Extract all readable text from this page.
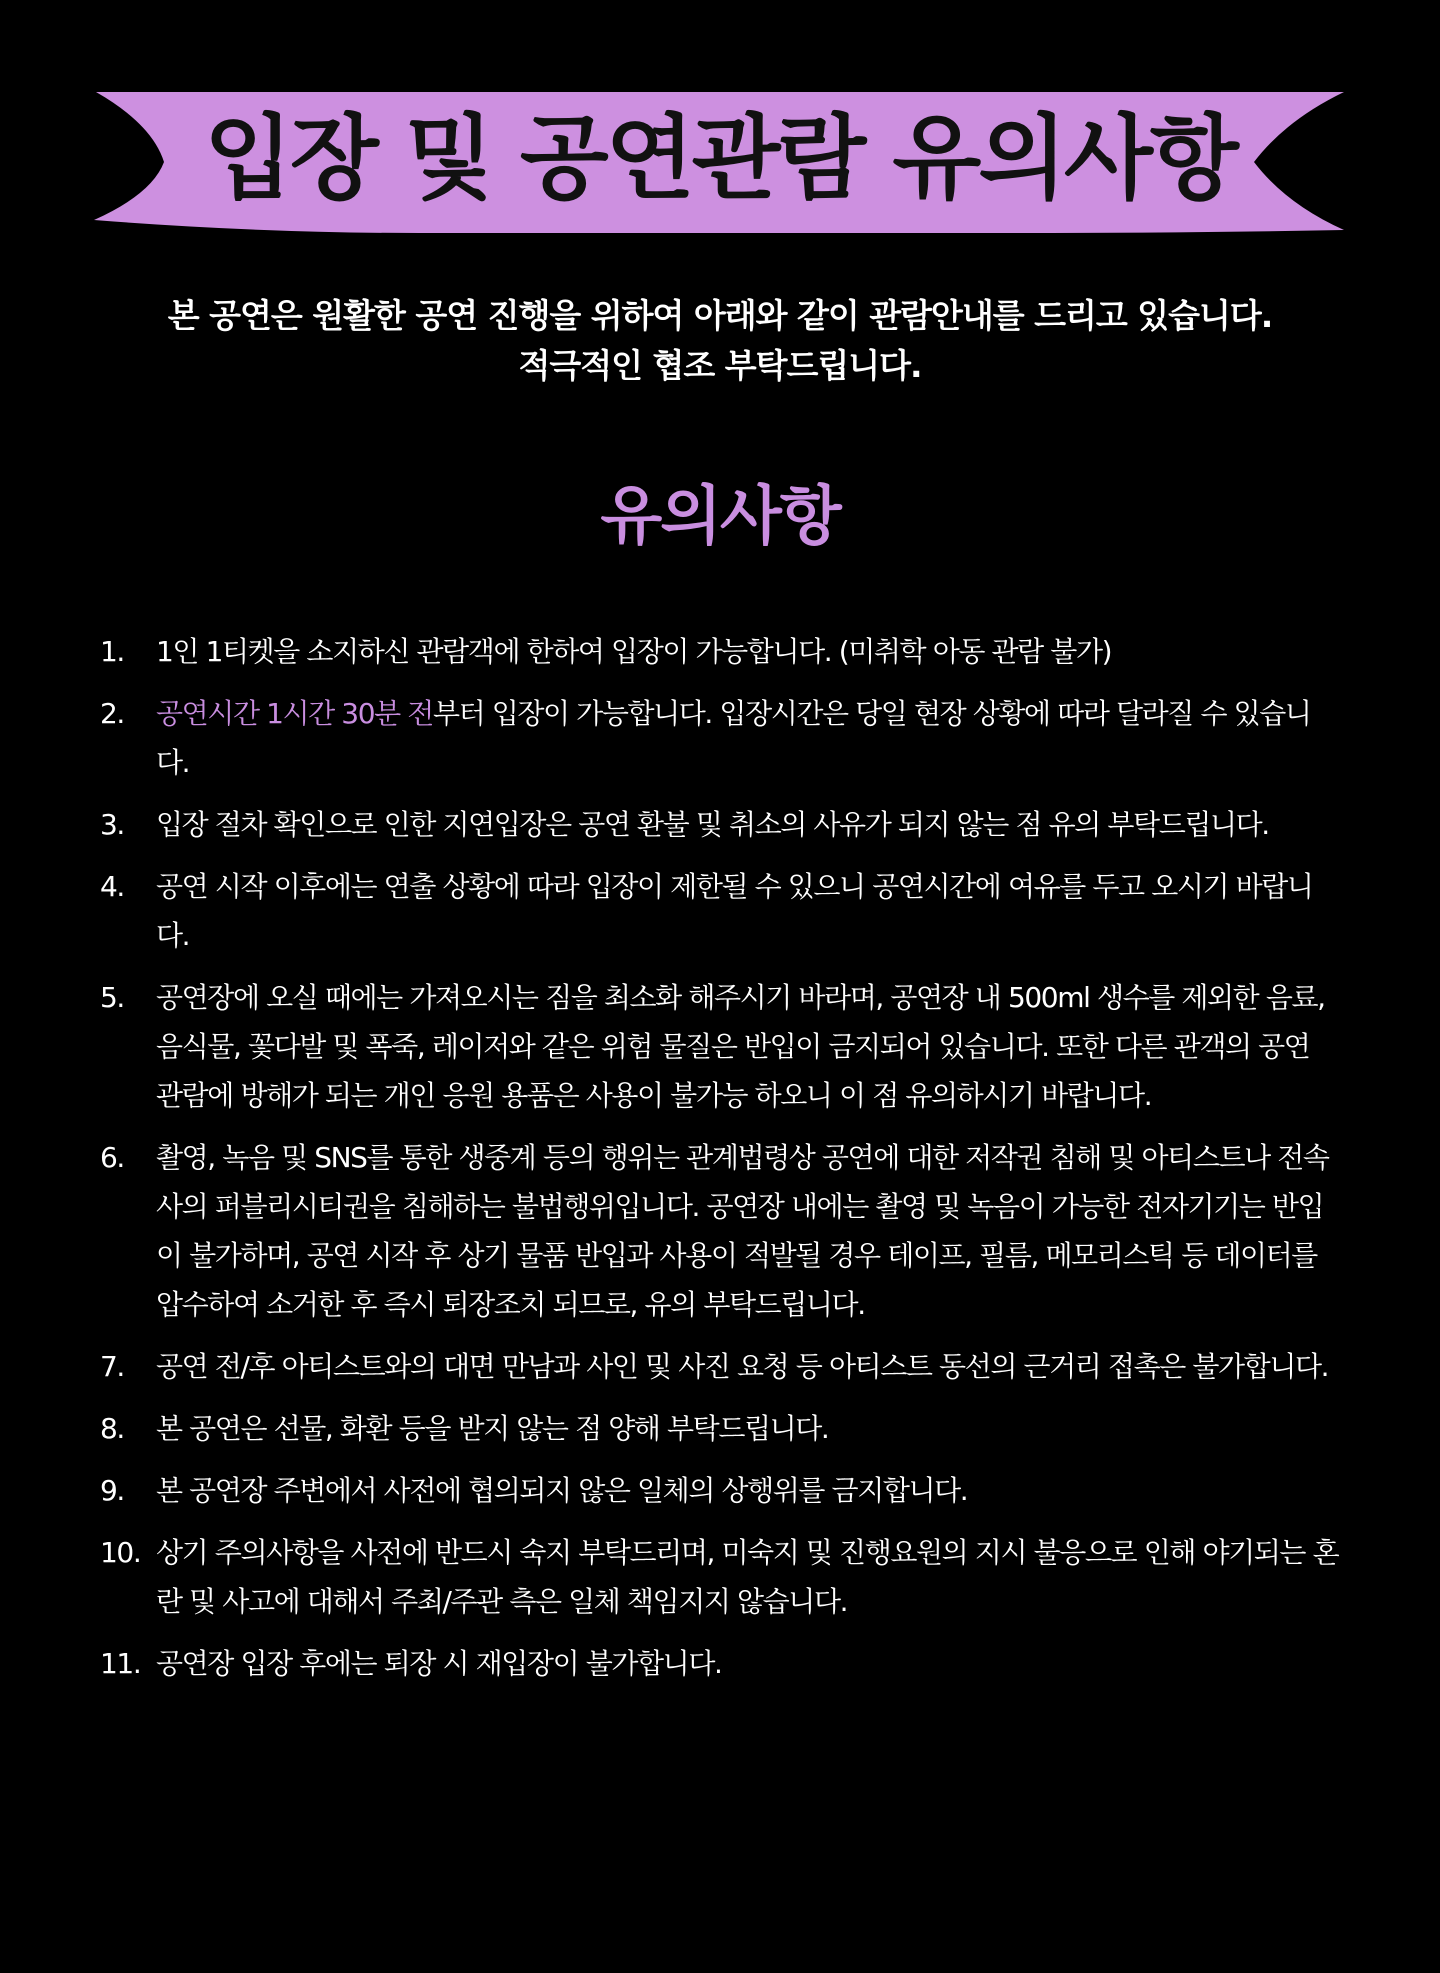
입장 및 공연관람 유의사항
본 공연은 원활한 공연 진행을 위하여 아래와 같이 관람안내를 드리고 있습니다.
적극적인 협조 부탁드립니다.
유의사항
1.	1인 1티켓을 소지하신 관람객에 한하여 입장이 가능합니다. (미취학 아동 관람 불가)
2.	공연시간 1시간 30분 전부터 입장이 가능합니다. 입장시간은 당일 현장 상황에 따라 달라질 수 있습니다.
3.	입장 절차 확인으로 인한 지연입장은 공연 환불 및 취소의 사유가 되지 않는 점 유의 부탁드립니다.
4.	공연 시작 이후에는 연출 상황에 따라 입장이 제한될 수 있으니 공연시간에 여유를 두고 오시기 바랍니다.
5.	공연장에 오실 때에는 가져오시는 짐을 최소화 해주시기 바라며, 공연장 내 500ml 생수를 제외한 음료, 음식물, 꽃다발 및 폭죽, 레이저와 같은 위험 물질은 반입이 금지되어 있습니다. 또한 다른 관객의 공연 관람에 방해가 되는 개인 응원 용품은 사용이 불가능 하오니 이 점 유의하시기 바랍니다.
6.	촬영, 녹음 및 SNS를 통한 생중계 등의 행위는 관계법령상 공연에 대한 저작권 침해 및 아티스트나 전속사의 퍼블리시티권을 침해하는 불법행위입니다. 공연장 내에는 촬영 및 녹음이 가능한 전자기기는 반입이 불가하며, 공연 시작 후 상기 물품 반입과 사용이 적발될 경우 테이프, 필름, 메모리스틱 등 데이터를 압수하여 소거한 후 즉시 퇴장조치 되므로, 유의 부탁드립니다.
7.	공연 전/후 아티스트와의 대면 만남과 사인 및 사진 요청 등 아티스트 동선의 근거리 접촉은 불가합니다.
8.	본 공연은 선물, 화환 등을 받지 않는 점 양해 부탁드립니다.
9.	본 공연장 주변에서 사전에 협의되지 않은 일체의 상행위를 금지합니다.
10. 상기 주의사항을 사전에 반드시 숙지 부탁드리며, 미숙지 및 진행요원의 지시 불응으로 인해 야기되는 혼란 및 사고에 대해서 주최/주관 측은 일체 책임지지 않습니다.
11. 공연장 입장 후에는 퇴장 시 재입장이 불가합니다.
